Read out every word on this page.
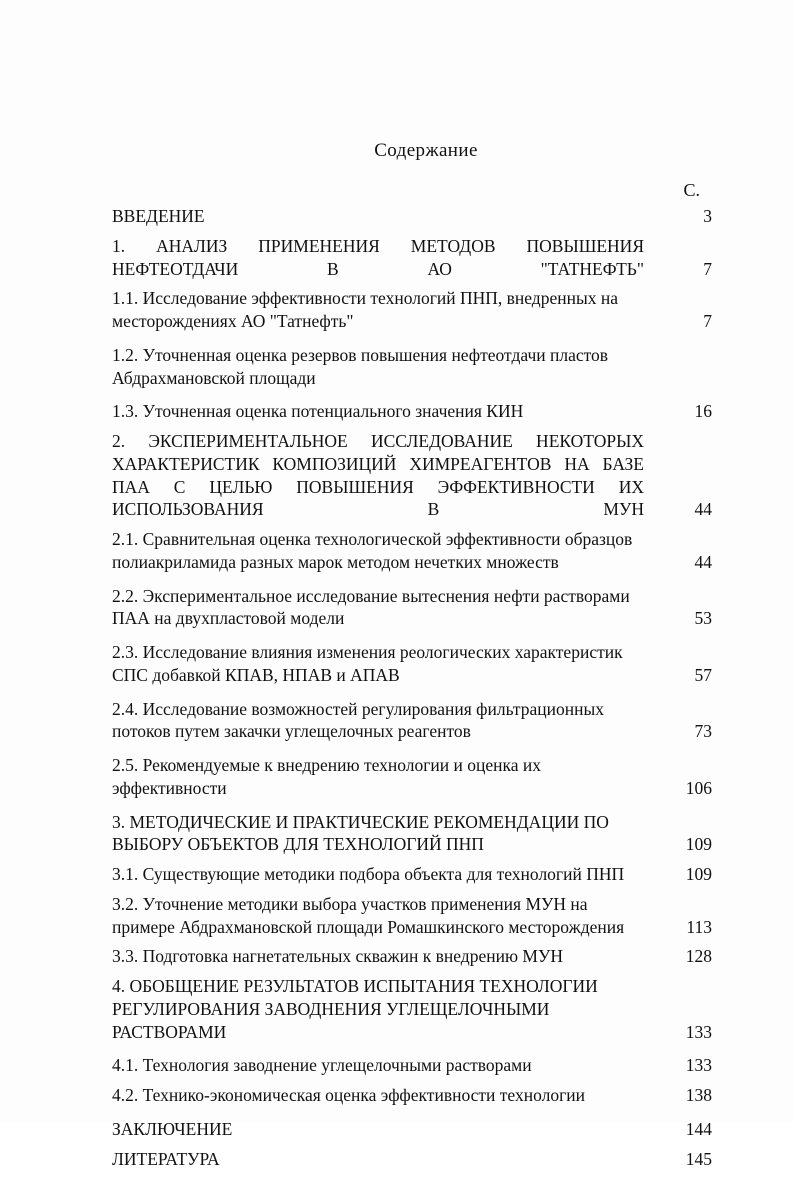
Содержание
С.
ВВЕДЕНИЕ	3
1. АНАЛИЗ ПРИМЕНЕНИЯ МЕТОДОВ ПОВЫШЕНИЯ НЕФТЕОТДАЧИ В АО "ТАТНЕФТЬ"	7
1.1. Исследование эффективности технологий ПНП, внедренных на месторождениях АО "Татнефть"	7
1.2. Уточненная оценка резервов повышения нефтеотдачи пластов Абдрахмановской площади
1.3. Уточненная оценка потенциального значения КИН	16
2. ЭКСПЕРИМЕНТАЛЬНОЕ ИССЛЕДОВАНИЕ НЕКОТОРЫХ ХАРАКТЕРИСТИК КОМПОЗИЦИЙ ХИМРЕАГЕНТОВ НА БАЗЕ ПАА С ЦЕЛЬЮ ПОВЫШЕНИЯ ЭФФЕКТИВНОСТИ ИХ ИСПОЛЬЗОВАНИЯ В МУН	44
2.1. Сравнительная оценка технологической эффективности образцов полиакриламида разных марок методом нечетких множеств	44
2.2. Экспериментальное исследование вытеснения нефти растворами ПАА на двухпластовой модели	53
2.3. Исследование влияния изменения реологических характеристик СПС добавкой КПАВ, НПАВ и АПАВ	57
2.4. Исследование возможностей регулирования фильтрационных потоков путем закачки углещелочных реагентов	73
2.5. Рекомендуемые к внедрению технологии и оценка их эффективности	106
3. МЕТОДИЧЕСКИЕ И ПРАКТИЧЕСКИЕ РЕКОМЕНДАЦИИ ПО ВЫБОРУ ОБЪЕКТОВ ДЛЯ ТЕХНОЛОГИЙ ПНП	109
3.1. Существующие методики подбора объекта для технологий ПНП	109
3.2. Уточнение методики выбора участков применения МУН на примере Абдрахмановской площади Ромашкинского месторождения	113
3.3. Подготовка нагнетательных скважин к внедрению МУН	128
4. ОБОБЩЕНИЕ РЕЗУЛЬТАТОВ ИСПЫТАНИЯ ТЕХНОЛОГИИ РЕГУЛИРОВАНИЯ ЗАВОДНЕНИЯ УГЛЕЩЕЛОЧНЫМИ РАСТВОРАМИ	133
4.1. Технология заводнение углещелочными растворами	133
4.2. Технико-экономическая оценка эффективности технологии	138
ЗАКЛЮЧЕНИЕ	144
ЛИТЕРАТУРА	145
